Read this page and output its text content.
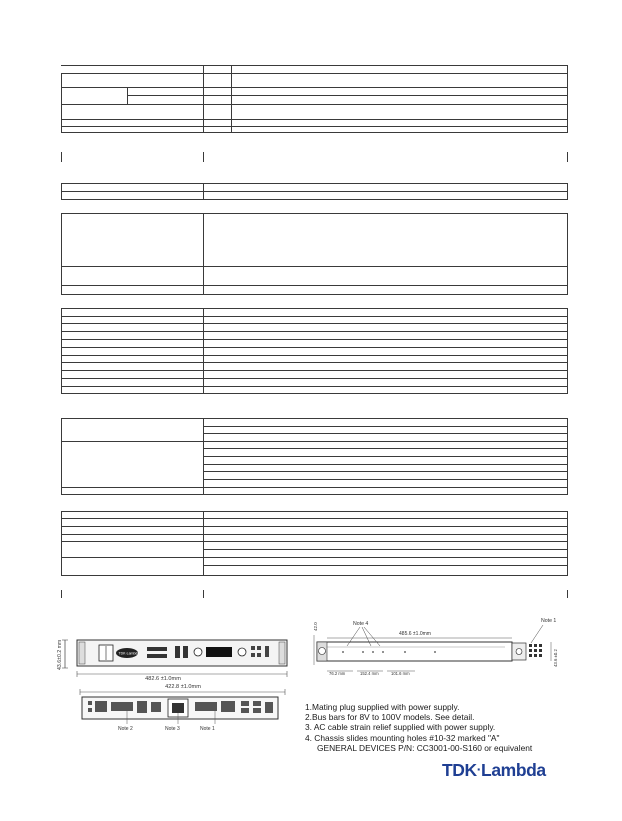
43.6±0.2 mm	TDK·Lambda
482.6 ±1.0mm
422.8 ±1.0mm
Note 2	Note 3	Note 1
42.0
485.6 ±1.0mm
Note 4	Note 1
43.6 ±0.2
76.2 mm	152.4 mm	101.6 mm
1.Mating plug supplied with power supply.
2.Bus bars for 8V to 100V models. See detail.
3. AC cable strain relief supplied with power supply.
4. Chassis slides mounting holes #10-32 marked "A"
GENERAL DEVICES P/N: CC3001-00-S160 or equivalent
TDK·Lambda
